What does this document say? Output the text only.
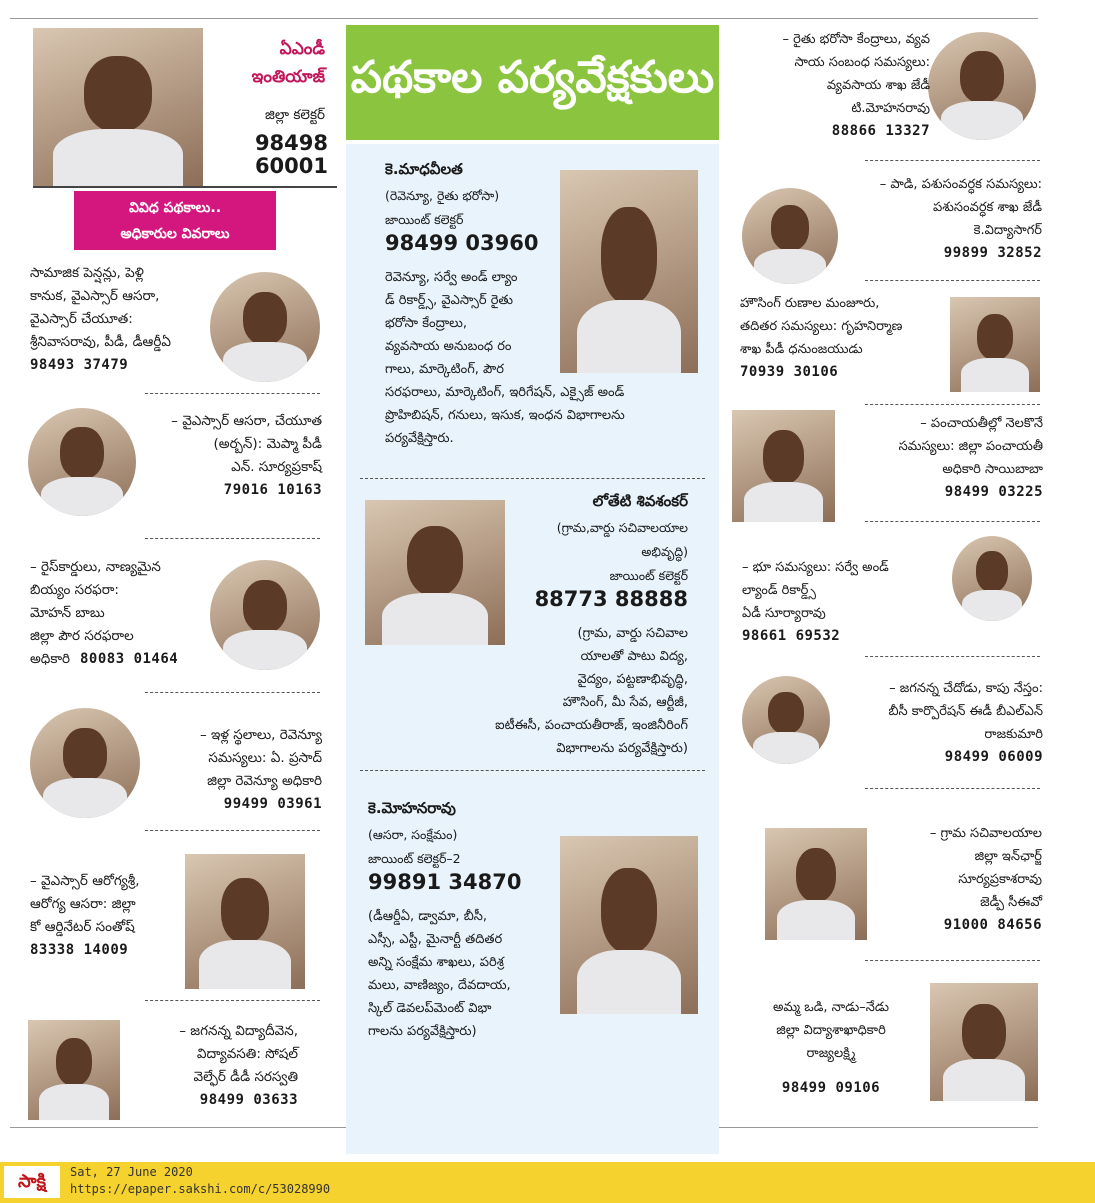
ఏఎండీ
ఇంతియాజ్
జిల్లా కలెక్టర్
98498 60001
వివిధ పథకాలు..
అధికారుల వివరాలు
పథకాల పర్యవేక్షకులు
సామాజిక పెన్షన్లు, పెళ్లి
కానుక, వైఎస్సార్ ఆసరా,
వైఎస్సార్ చేయూత:
శ్రీనివాసరావు, పీడీ, డీఆర్డీఏ
98493 37479
– వైఎస్సార్ ఆసరా, చేయూత
(అర్బన్): మెప్మా పీడీ
ఎన్. సూర్యప్రకాష్
79016 10163
– రైస్‌కార్డులు, నాణ్యమైన
బియ్యం సరఫరా:
మోహన్ బాబు
జిల్లా పౌర సరఫరాల
అధికారి 80083 01464
– ఇళ్ల స్థలాలు, రెవెన్యూ
సమస్యలు: ఏ. ప్రసాద్
జిల్లా రెవెన్యూ అధికారి
99499 03961
– వైఎస్సార్ ఆరోగ్యశ్రీ,
ఆరోగ్య ఆసరా: జిల్లా
కో ఆర్డినేటర్ సంతోష్
83338 14009
– జగనన్న విద్యాదీవెన,
విద్యావసతి: సోషల్
వెల్ఫేర్ డీడీ సరస్వతి
98499 03633
కె.మాధవీలత
(రెవెన్యూ, రైతు భరోసా)
జాయింట్ కలెక్టర్
98499 03960
రెవెన్యూ, సర్వే అండ్ ల్యాం
డ్ రికార్డ్స్, వైఎస్సార్ రైతు
భరోసా కేంద్రాలు,
వ్యవసాయ అనుబంధ రం
గాలు, మార్కెటింగ్, పౌర
సరఫరాలు, మార్కెటింగ్, ఇరిగేషన్, ఎక్సైజ్ అండ్
ప్రొహిబిషన్, గనులు, ఇసుక, ఇంధన విభాగాలను
పర్యవేక్షిస్తారు.
లోతేటి శివశంకర్
(గ్రామ,వార్డు సచివాలయాల
అభివృద్ధి)
జాయింట్ కలెక్టర్
88773 88888
(గ్రామ, వార్డు సచివాల
యాలతో పాటు విద్య,
వైద్యం, పట్టణాభివృద్ధి,
హౌసింగ్, మీ సేవ, ఆర్టీజీ,
ఐటీఈసీ, పంచాయతీరాజ్, ఇంజినీరింగ్
విభాగాలను పర్యవేక్షిస్తారు)
కె.మోహనరావు
(ఆసరా, సంక్షేమం)
జాయింట్ కలెక్టర్–2
99891 34870
(డీఆర్డీఏ, డ్వామా, బీసీ,
ఎస్సీ, ఎస్టీ, మైనార్టీ తదితర
అన్ని సంక్షేమ శాఖలు, పరిశ్ర
మలు, వాణిజ్యం, దేవదాయ,
స్కిల్ డెవలప్‌మెంట్ విభా
గాలను పర్యవేక్షిస్తారు)
– రైతు భరోసా కేంద్రాలు, వ్యవ
సాయ సంబంధ సమస్యలు:
వ్యవసాయ శాఖ జేడీ
టి.మోహనరావు
88866 13327
– పాడి, పశుసంవర్ధక సమస్యలు:
పశుసంవర్ధక శాఖ జేడీ
కె.విద్యాసాగర్
99899 32852
హౌసింగ్ రుణాల మంజూరు,
తదితర సమస్యలు: గృహనిర్మాణ
శాఖ పీడీ ధనుంజయుడు
70939 30106
– పంచాయతీల్లో నెలకొనే
సమస్యలు: జిల్లా పంచాయతీ
అధికారి సాయిబాబా
98499 03225
– భూ సమస్యలు: సర్వే అండ్
ల్యాండ్ రికార్డ్స్
ఏడీ సూర్యారావు
98661 69532
– జగనన్న చేదోడు, కాపు నేస్తం:
బీసీ కార్పొరేషన్ ఈడీ బీఎల్ఎన్
రాజకుమారి
98499 06009
– గ్రామ సచివాలయాల
జిల్లా ఇన్‌ఛార్జ్
సూర్యప్రకాశరావు
జెడ్పీ సీఈవో
91000 84656
అమ్మ ఒడి, నాడు–నేడు
జిల్లా విద్యాశాఖాధికారి
రాజ్యలక్ష్మి
98499 09106
సాక్షి	Sat, 27 June 2020
https://epaper.sakshi.com/c/53028990
